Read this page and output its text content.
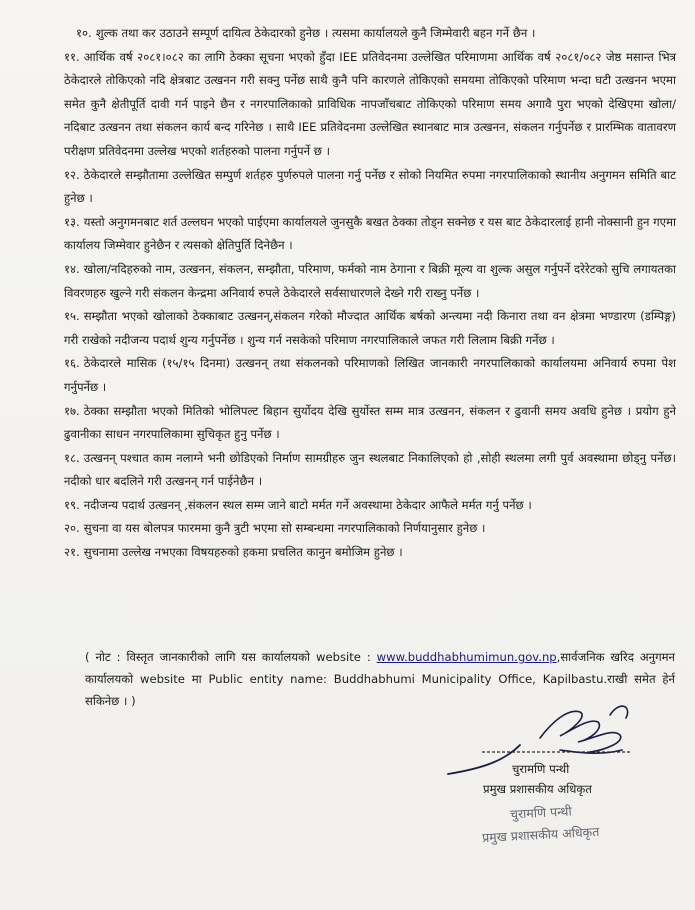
१०. शुल्क तथा कर उठाउने सम्पूर्ण दायित्व ठेकेदारको हुनेछ । त्यसमा कार्यालयले कुनै जिम्मेवारी बहन गर्ने छैन ।

११. आर्थिक वर्ष २०८१।०८२ का लागि ठेक्का सूचना भएको हुँदा IEE प्रतिवेदनमा उल्लेखित परिमाणमा आर्थिक वर्ष २०८१/०८२ जेष्ठ मसान्त भित्र ठेकेदारले तोकिएको नदि क्षेत्रबाट उत्खनन गरी सक्नु पर्नेछ साथै कुनै पनि कारणले तोकिएको समयमा तोकिएको परिमाण भन्दा घटी उत्खनन भएमा समेत कुनै क्षेतीपूर्ति दावी गर्न पाइने छैन र नगरपालिकाको प्राविधिक नापजाँचबाट तोकिएको परिमाण समय अगावै पुरा भएको देखिएमा खोला/नदिबाट उत्खनन तथा संकलन कार्य बन्द गरिनेछ । साथै IEE प्रतिवेदनमा उल्लेखित स्थानबाट मात्र उत्खनन, संकलन गर्नुपर्नेछ र प्रारम्भिक वातावरण परीक्षण प्रतिवेदनमा उल्लेख भएको शर्तहरुको पालना गर्नुपर्ने छ ।

१२. ठेकेदारले सम्झौतामा उल्लेखित सम्पुर्ण शर्तहरु पुर्णरुपले पालना गर्नु पर्नेछ र सोको नियमित रुपमा नगरपालिकाको स्थानीय अनुगमन समिति बाट हुनेछ ।

१३. यस्तो अनुगमनबाट शर्त उल्लघन भएको पाईएमा कार्यालयले जुनसुकै बखत ठेक्का तोड्न सक्नेछ र यस बाट ठेकेदारलाई हानी नोक्सानी हुन गएमा कार्यालय जिम्मेवार हुनेछैन र त्यसको क्षेतिपुर्ति दिनेछैन ।

१४. खोला/नदिहरुको नाम, उत्खनन, संकलन, सम्झौता, परिमाण, फर्मको नाम ठेगाना र बिक्री मूल्य वा शुल्क असुल गर्नुपर्ने दरेरेटको सुचि लगायतका विवरणहरु खुल्ने गरी संकलन केन्द्रमा अनिवार्य रुपले ठेकेदारले सर्वसाधारणले देख्ने गरी राख्नु पर्नेछ ।

१५. सम्झौता भएको खोलाको ठेक्काबाट उत्खनन्,संकलन गरेको मौज्दात आर्थिक बर्षको अन्त्यमा नदी किनारा तथा वन क्षेत्रमा भण्डारण (डम्पिङ्ग) गरी राखेको नदीजन्य पदार्थ शुन्य गर्नुपर्नेछ । शुन्य गर्न नसकेको परिमाण नगरपालिकाले जफत गरी लिलाम बिक्री गर्नेछ ।

१६. ठेकेदारले मासिक (१५/१५ दिनमा) उत्खनन् तथा संकलनको परिमाणको लिखित जानकारी नगरपालिकाको कार्यालयमा अनिवार्य रुपमा पेश गर्नुपर्नेछ ।

१७. ठेक्का सम्झौता भएको मितिको भोलिपल्ट बिहान सुर्योदय देखि सुर्योस्त सम्म मात्र उत्खनन, संकलन र ढुवानी समय अवधि हुनेछ । प्रयोग हुने ढुवानीका साधन नगरपालिकामा सुचिकृत हुनु पर्नेछ ।

१८. उत्खनन् पश्चात काम नलाग्ने भनी छोडिएको निर्माण सामग्रीहरु जुन स्थलबाट निकालिएको हो ,सोही स्थलमा लगी पुर्व अवस्थामा छोड्नु पर्नेछ।नदीको धार बदलिने गरी उत्खनन् गर्न पाईनेछैन ।

१९. नदीजन्य पदार्थ उत्खनन् ,संकलन स्थल सम्म जाने बाटो मर्मत गर्ने अवस्थामा ठेकेदार आफैले मर्मत गर्नु पर्नेछ ।

२०. सुचना वा यस बोलपत्र फारममा कुनै त्रुटी भएमा सो सम्बन्धमा नगरपालिकाको निर्णयानुसार हुनेछ ।

२१. सुचनामा उल्लेख नभएका विषयहरुको हकमा प्रचलित कानुन बमोजिम हुनेछ ।

( नोट : विस्तृत जानकारीको लागि यस कार्यालयको website : www.buddhabhumimun.gov.np,सार्वजनिक खरिद अनुगमन कार्यालयको website मा Public entity name: Buddhabhumi Municipality Office, Kapilbastu.राखी समेत हेर्न सकिनेछ । )
चुरामणि पन्थी
प्रमुख प्रशासकीय अधिकृत
चुरामणि पन्थी
प्रमुख प्रशासकीय अधिकृत
